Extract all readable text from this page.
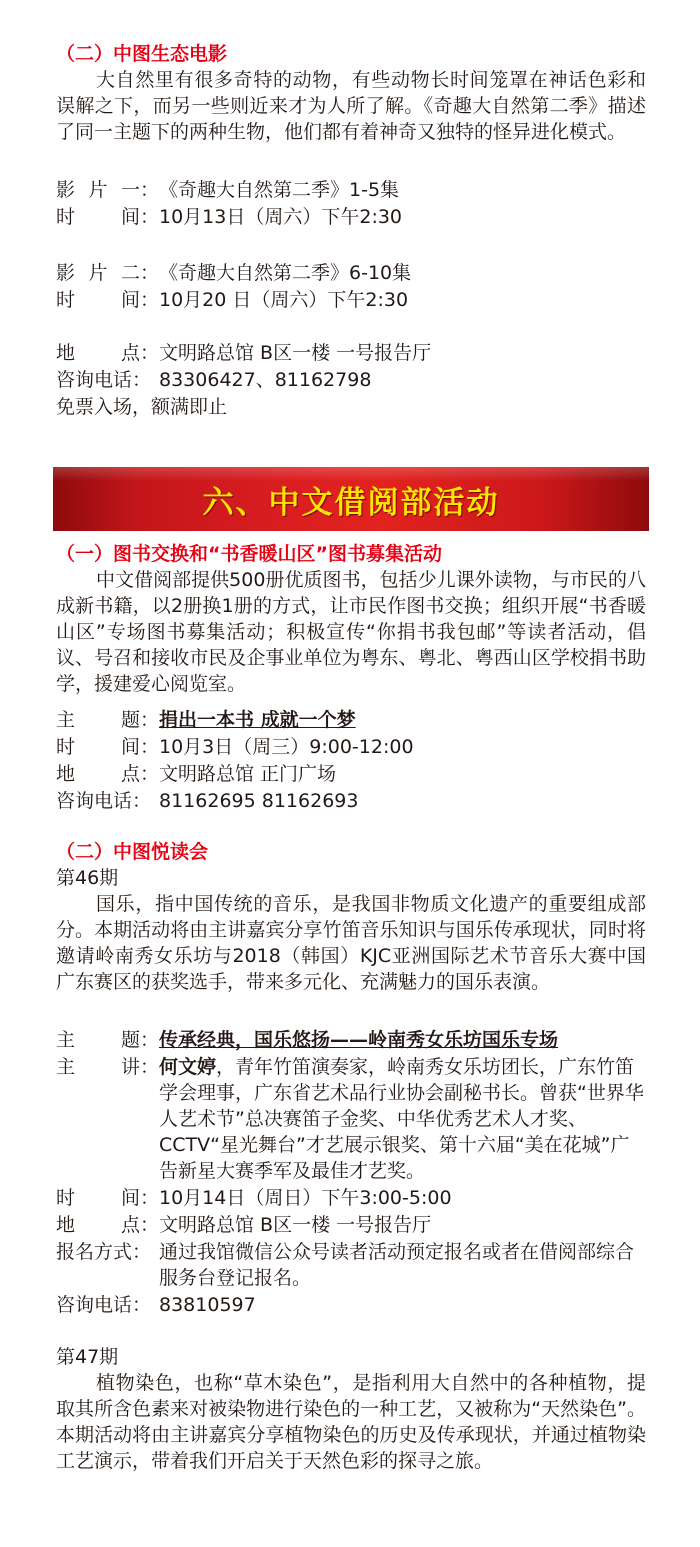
（二）中图生态电影
大自然里有很多奇特的动物，有些动物长时间笼罩在神话色彩和误解之下，而另一些则近来才为人所了解。《奇趣大自然第二季》描述了同一主题下的两种生物，他们都有着神奇又独特的怪异进化模式。
影 片 一： 《奇趣大自然第二季》1-5集
时 间： 10月13日（周六）下午2:30
影 片 二： 《奇趣大自然第二季》6-10集
时 间： 10月20 日（周六）下午2:30
地 点： 文明路总馆 B区一楼 一号报告厅
咨询电话： 83306427、81162798
免票入场，额满即止
六、中文借阅部活动
（一）图书交换和“书香暖山区”图书募集活动
中文借阅部提供500册优质图书，包括少儿课外读物，与市民的八成新书籍，以2册换1册的方式，让市民作图书交换；组织开展“书香暖山区”专场图书募集活动；积极宣传“你捐书我包邮”等读者活动，倡议、号召和接收市民及企事业单位为粤东、粤北、粤西山区学校捐书助学，援建爱心阅览室。
主 题： 捐出一本书 成就一个梦
时 间： 10月3日（周三）9:00-12:00
地 点： 文明路总馆 正门广场
咨询电话： 81162695 81162693
（二）中图悦读会
第46期
国乐，指中国传统的音乐，是我国非物质文化遗产的重要组成部分。本期活动将由主讲嘉宾分享竹笛音乐知识与国乐传承现状，同时将邀请岭南秀女乐坊与2018（韩国）KJC亚洲国际艺术节音乐大赛中国广东赛区的获奖选手，带来多元化、充满魅力的国乐表演。
主 题： 传承经典，国乐悠扬——岭南秀女乐坊国乐专场
主 讲： 何文婷，青年竹笛演奏家，岭南秀女乐坊团长，广东竹笛学会理事，广东省艺术品行业协会副秘书长。曾获“世界华人艺术节”总决赛笛子金奖、中华优秀艺术人才奖、CCTV“星光舞台”才艺展示银奖、第十六届“美在花城”广告新星大赛季军及最佳才艺奖。
时 间： 10月14日（周日）下午3:00-5:00
地 点： 文明路总馆 B区一楼 一号报告厅
报名方式： 通过我馆微信公众号读者活动预定报名或者在借阅部综合服务台登记报名。
咨询电话： 83810597
第47期
植物染色，也称“草木染色”，是指利用大自然中的各种植物，提取其所含色素来对被染物进行染色的一种工艺，又被称为“天然染色”。本期活动将由主讲嘉宾分享植物染色的历史及传承现状，并通过植物染工艺演示，带着我们开启关于天然色彩的探寻之旅。
